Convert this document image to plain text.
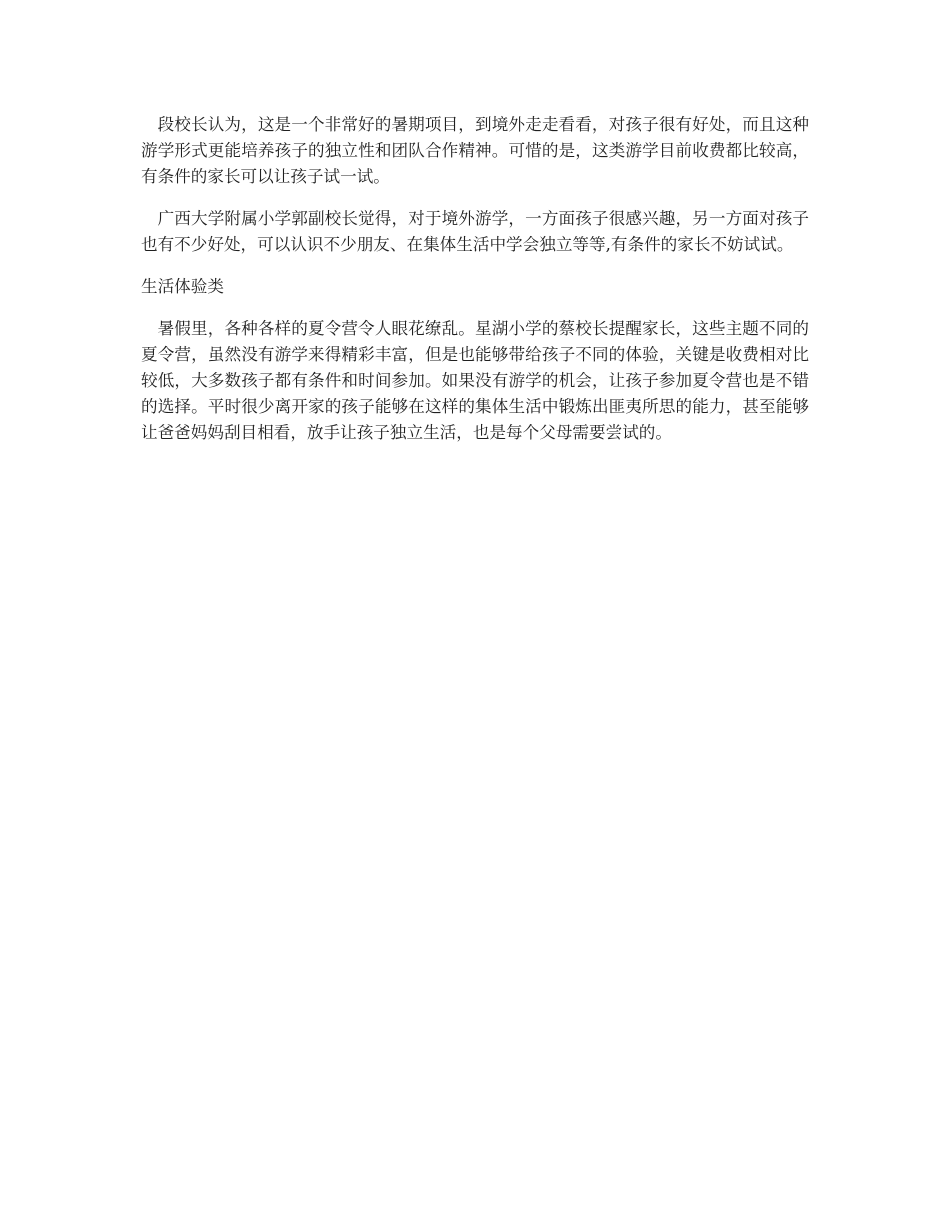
段校长认为，这是一个非常好的暑期项目，到境外走走看看，对孩子很有好处，而且这种游学形式更能培养孩子的独立性和团队合作精神。可惜的是，这类游学目前收费都比较高，有条件的家长可以让孩子试一试。

广西大学附属小学郭副校长觉得，对于境外游学，一方面孩子很感兴趣，另一方面对孩子也有不少好处，可以认识不少朋友、在集体生活中学会独立等等,有条件的家长不妨试试。

生活体验类

暑假里，各种各样的夏令营令人眼花缭乱。星湖小学的蔡校长提醒家长，这些主题不同的夏令营，虽然没有游学来得精彩丰富，但是也能够带给孩子不同的体验，关键是收费相对比较低，大多数孩子都有条件和时间参加。如果没有游学的机会，让孩子参加夏令营也是不错的选择。平时很少离开家的孩子能够在这样的集体生活中锻炼出匪夷所思的能力，甚至能够让爸爸妈妈刮目相看，放手让孩子独立生活，也是每个父母需要尝试的。
